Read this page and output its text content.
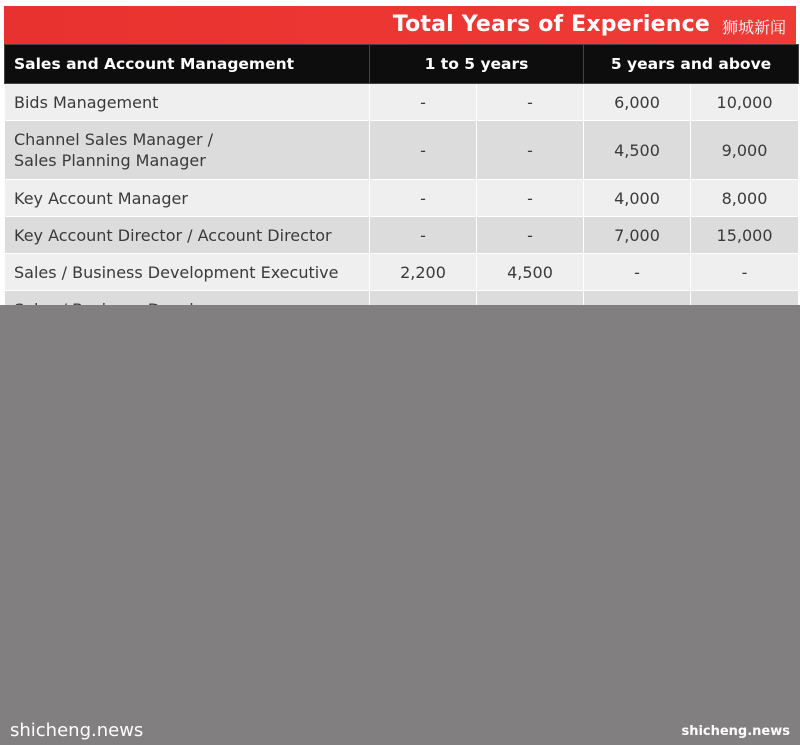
Total Years of Experience 狮城新闻
Sales and Account Management	1 to 5 years		5 years and above	
Bids Management	-	-	6,000	10,000

Channel Sales Manager /
Sales Planning Manager	-	-	4,500	9,000
Key Account Manager	-	-	4,000	8,000
Key Account Director / Account Director	-	-	7,000	15,000
Sales / Business Development Executive	2,200	4,500	-	-

shicheng.news	shicheng.news
